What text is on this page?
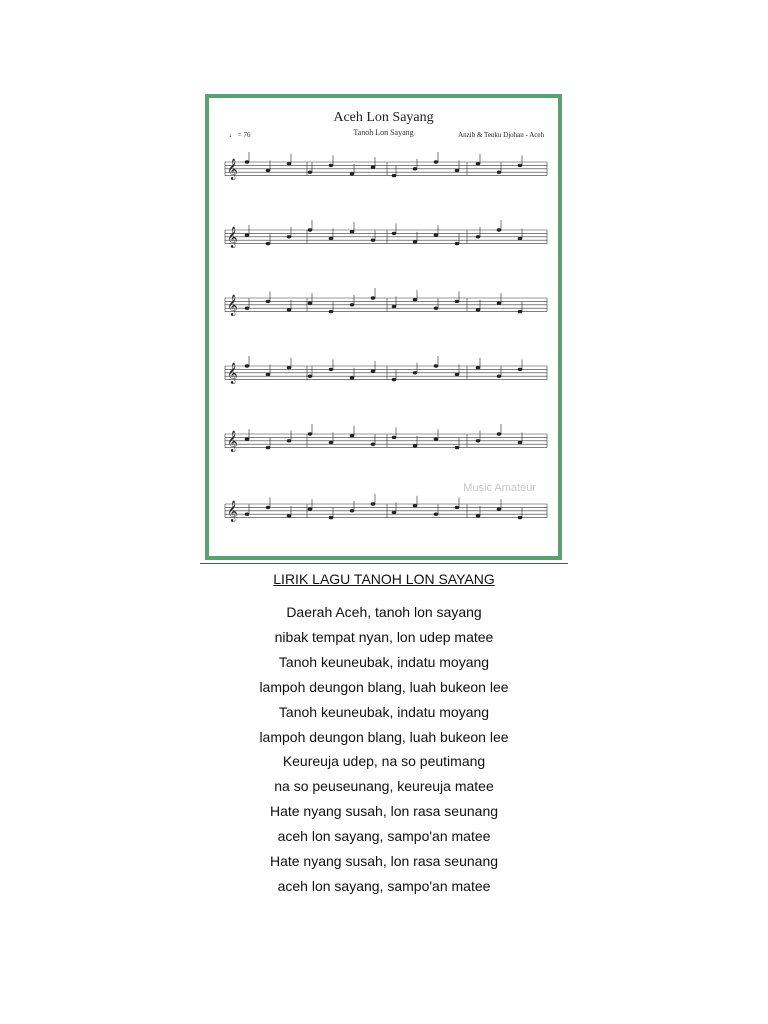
Aceh Lon Sayang
Tanoh Lon Sayang
♩ = 76	Anzib & Teuku Djohan - Aceh
𝄞
𝄞
𝄞
𝄞
𝄞
𝄞
Music Amateur
LIRIK LAGU TANOH LON SAYANG
Daerah Aceh, tanoh lon sayang
nibak tempat nyan, lon udep matee
Tanoh keuneubak, indatu moyang
lampoh deungon blang, luah bukeon lee
Tanoh keuneubak, indatu moyang
lampoh deungon blang, luah bukeon lee
Keureuja udep, na so peutimang
na so peuseunang, keureuja matee
Hate nyang susah, lon rasa seunang
aceh lon sayang, sampo'an matee
Hate nyang susah, lon rasa seunang
aceh lon sayang, sampo'an matee
